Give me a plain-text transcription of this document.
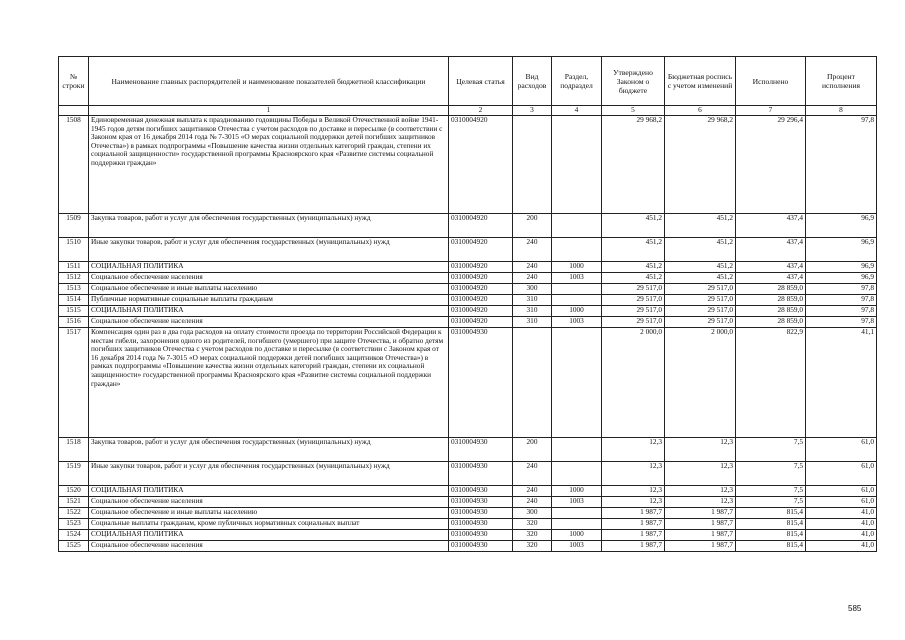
№ строки	Наименование главных распорядителей и наименование показателей бюджетной классификации	Целевая статья	Вид расходов	Раздел, подраздел	Утверждено Законом о бюджете	Бюджетная роспись с учетом изменений	Исполнено	Процент исполнения
	1	2	3	4	5	6	7	8
1508	Единовременная денежная выплата к празднованию годовщины Победы в Великой Отечественной войне 1941-1945 годов детям погибших защитников Отечества с учетом расходов по доставке и пересылке (в соответствии с Законом края от 16 декабря 2014 года № 7-3015 «О мерах социальной поддержки детей погибших защитников Отечества») в рамках подпрограммы «Повышение качества жизни отдельных категорий граждан, степени их социальной защищенности» государственной программы Красноярского края «Развитие системы социальной поддержки граждан»	0310004920			29 968,2	29 968,2	29 296,4	97,8
1509	Закупка товаров, работ и услуг для обеспечения государственных (муниципальных) нужд	0310004920	200		451,2	451,2	437,4	96,9
1510	Иные закупки товаров, работ и услуг для обеспечения государственных (муниципальных) нужд	0310004920	240		451,2	451,2	437,4	96,9
1511	СОЦИАЛЬНАЯ ПОЛИТИКА	0310004920	240	1000	451,2	451,2	437,4	96,9
1512	Социальное обеспечение населения	0310004920	240	1003	451,2	451,2	437,4	96,9
1513	Социальное обеспечение и иные выплаты населению	0310004920	300		29 517,0	29 517,0	28 859,0	97,8
1514	Публичные нормативные социальные выплаты гражданам	0310004920	310		29 517,0	29 517,0	28 859,0	97,8
1515	СОЦИАЛЬНАЯ ПОЛИТИКА	0310004920	310	1000	29 517,0	29 517,0	28 859,0	97,8
1516	Социальное обеспечение населения	0310004920	310	1003	29 517,0	29 517,0	28 859,0	97,8
1517	Компенсация один раз в два года расходов на оплату стоимости проезда по территории Российской Федерации к местам гибели, захоронения одного из родителей, погибшего (умершего) при защите Отечества, и обратно детям погибших защитников Отечества с учетом расходов по доставке и пересылке (в соответствии с Законом края от 16 декабря 2014 года № 7-3015 «О мерах социальной поддержки детей погибших защитников Отечества») в рамках подпрограммы «Повышение качества жизни отдельных категорий граждан, степени их социальной защищенности» государственной программы Красноярского края «Развитие системы социальной поддержки граждан»	0310004930			2 000,0	2 000,0	822,9	41,1
1518	Закупка товаров, работ и услуг для обеспечения государственных (муниципальных) нужд	0310004930	200		12,3	12,3	7,5	61,0
1519	Иные закупки товаров, работ и услуг для обеспечения государственных (муниципальных) нужд	0310004930	240		12,3	12,3	7,5	61,0
1520	СОЦИАЛЬНАЯ ПОЛИТИКА	0310004930	240	1000	12,3	12,3	7,5	61,0
1521	Социальное обеспечение населения	0310004930	240	1003	12,3	12,3	7,5	61,0
1522	Социальное обеспечение и иные выплаты населению	0310004930	300		1 987,7	1 987,7	815,4	41,0
1523	Социальные выплаты гражданам, кроме публичных нормативных социальных выплат	0310004930	320		1 987,7	1 987,7	815,4	41,0
1524	СОЦИАЛЬНАЯ ПОЛИТИКА	0310004930	320	1000	1 987,7	1 987,7	815,4	41,0
1525	Социальное обеспечение населения	0310004930	320	1003	1 987,7	1 987,7	815,4	41,0
585
